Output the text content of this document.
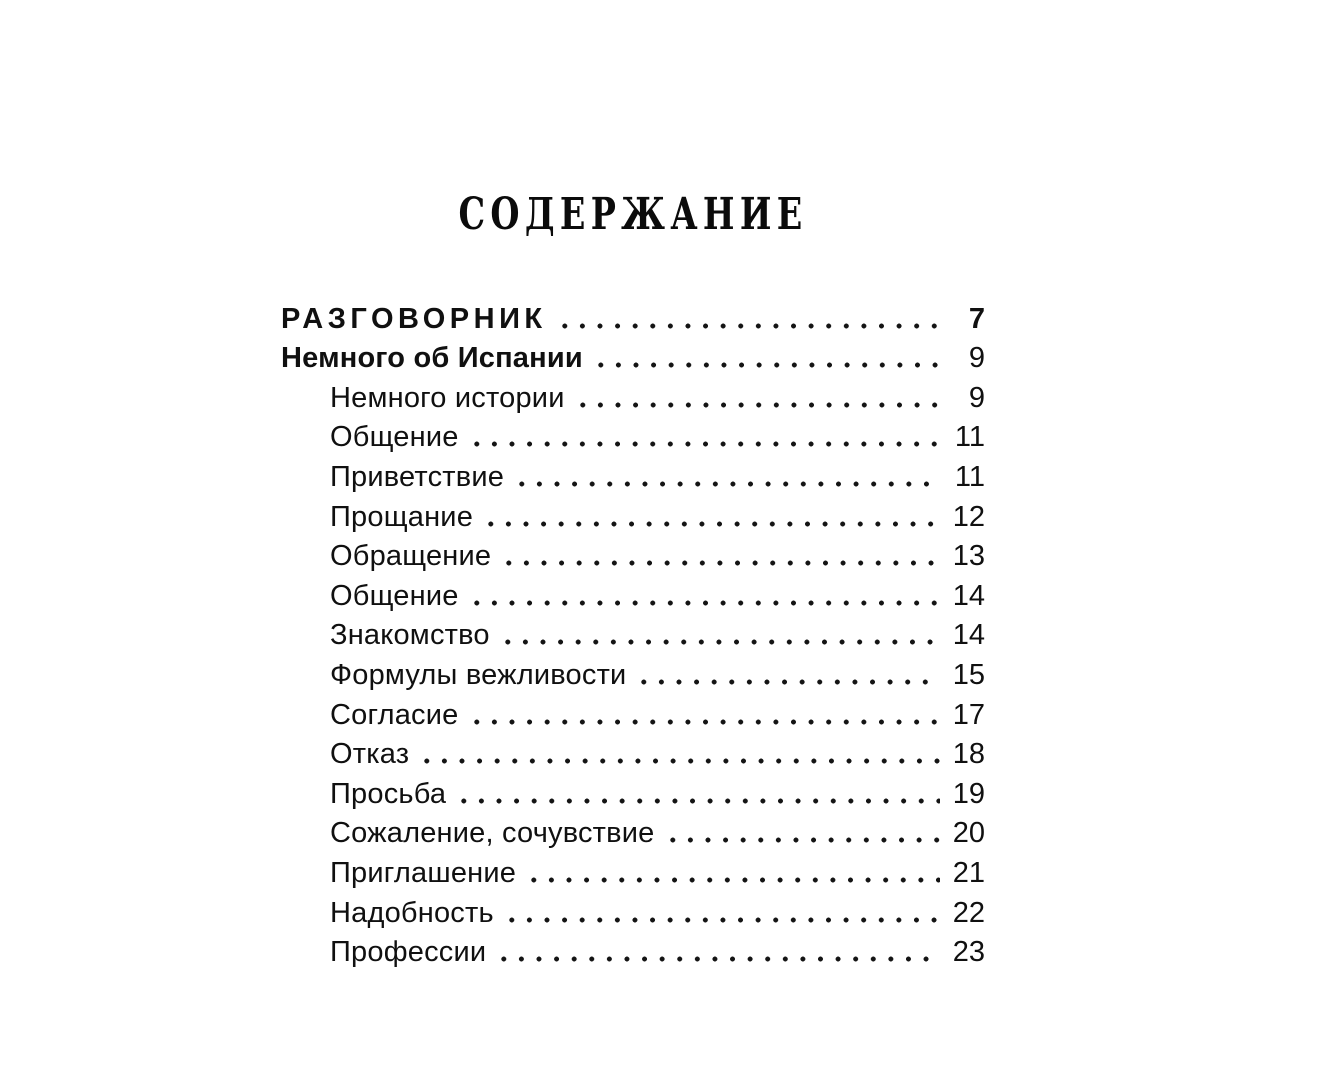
СОДЕРЖАНИЕ
РАЗГОВОРНИК	7
Немного об Испании	9
Немного истории	9
Общение	11
Приветствие	11
Прощание	12
Обращение	13
Общение	14
Знакомство	14
Формулы вежливости	15
Согласие	17
Отказ	18
Просьба	19
Сожаление, сочувствие	20
Приглашение	21
Надобность	22
Профессии	23
